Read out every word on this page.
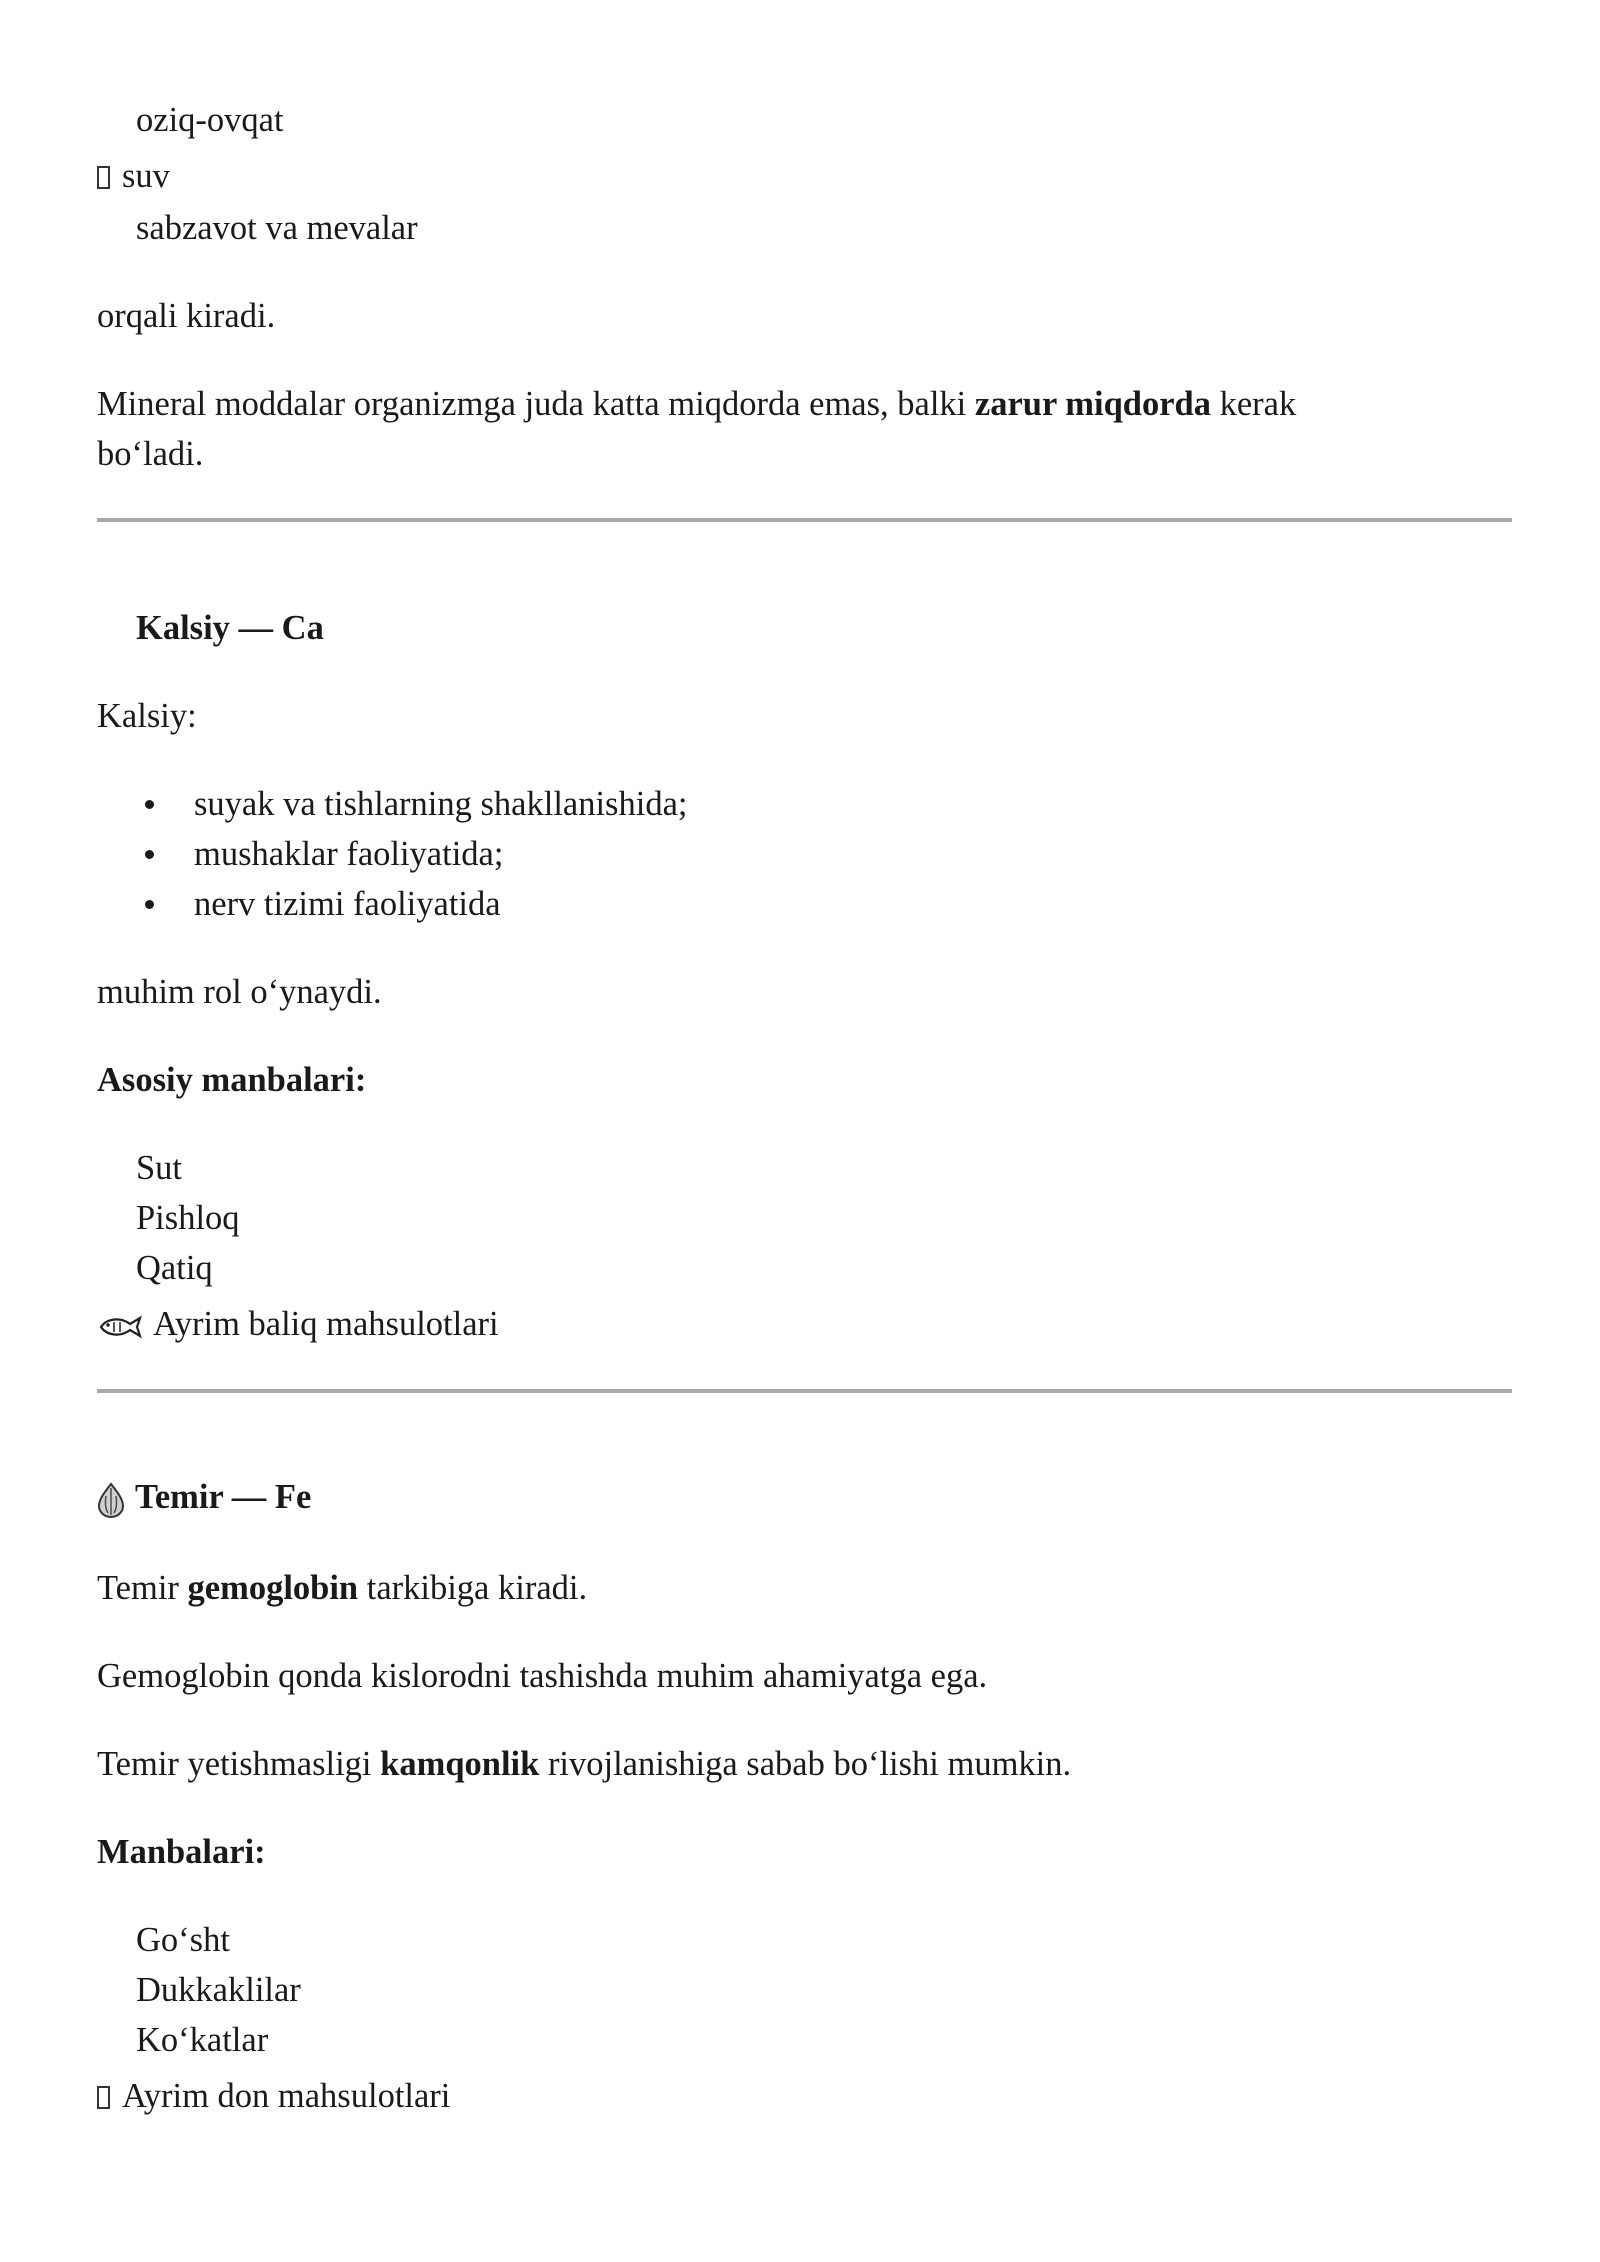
oziq-ovqat
suv
sabzavot va mevalar
orqali kiradi.
Mineral moddalar organizmga juda katta miqdorda emas, balki zarur miqdorda kerak
bo‘ladi.
Kalsiy — Ca
Kalsiy:
suyak va tishlarning shakllanishida;
mushaklar faoliyatida;
nerv tizimi faoliyatida
muhim rol o‘ynaydi.
Asosiy manbalari:
Sut
Pishloq
Qatiq
Ayrim baliq mahsulotlari
Temir — Fe
Temir gemoglobin tarkibiga kiradi.
Gemoglobin qonda kislorodni tashishda muhim ahamiyatga ega.
Temir yetishmasligi kamqonlik rivojlanishiga sabab bo‘lishi mumkin.
Manbalari:
Go‘sht
Dukkaklilar
Ko‘katlar
Ayrim don mahsulotlari
